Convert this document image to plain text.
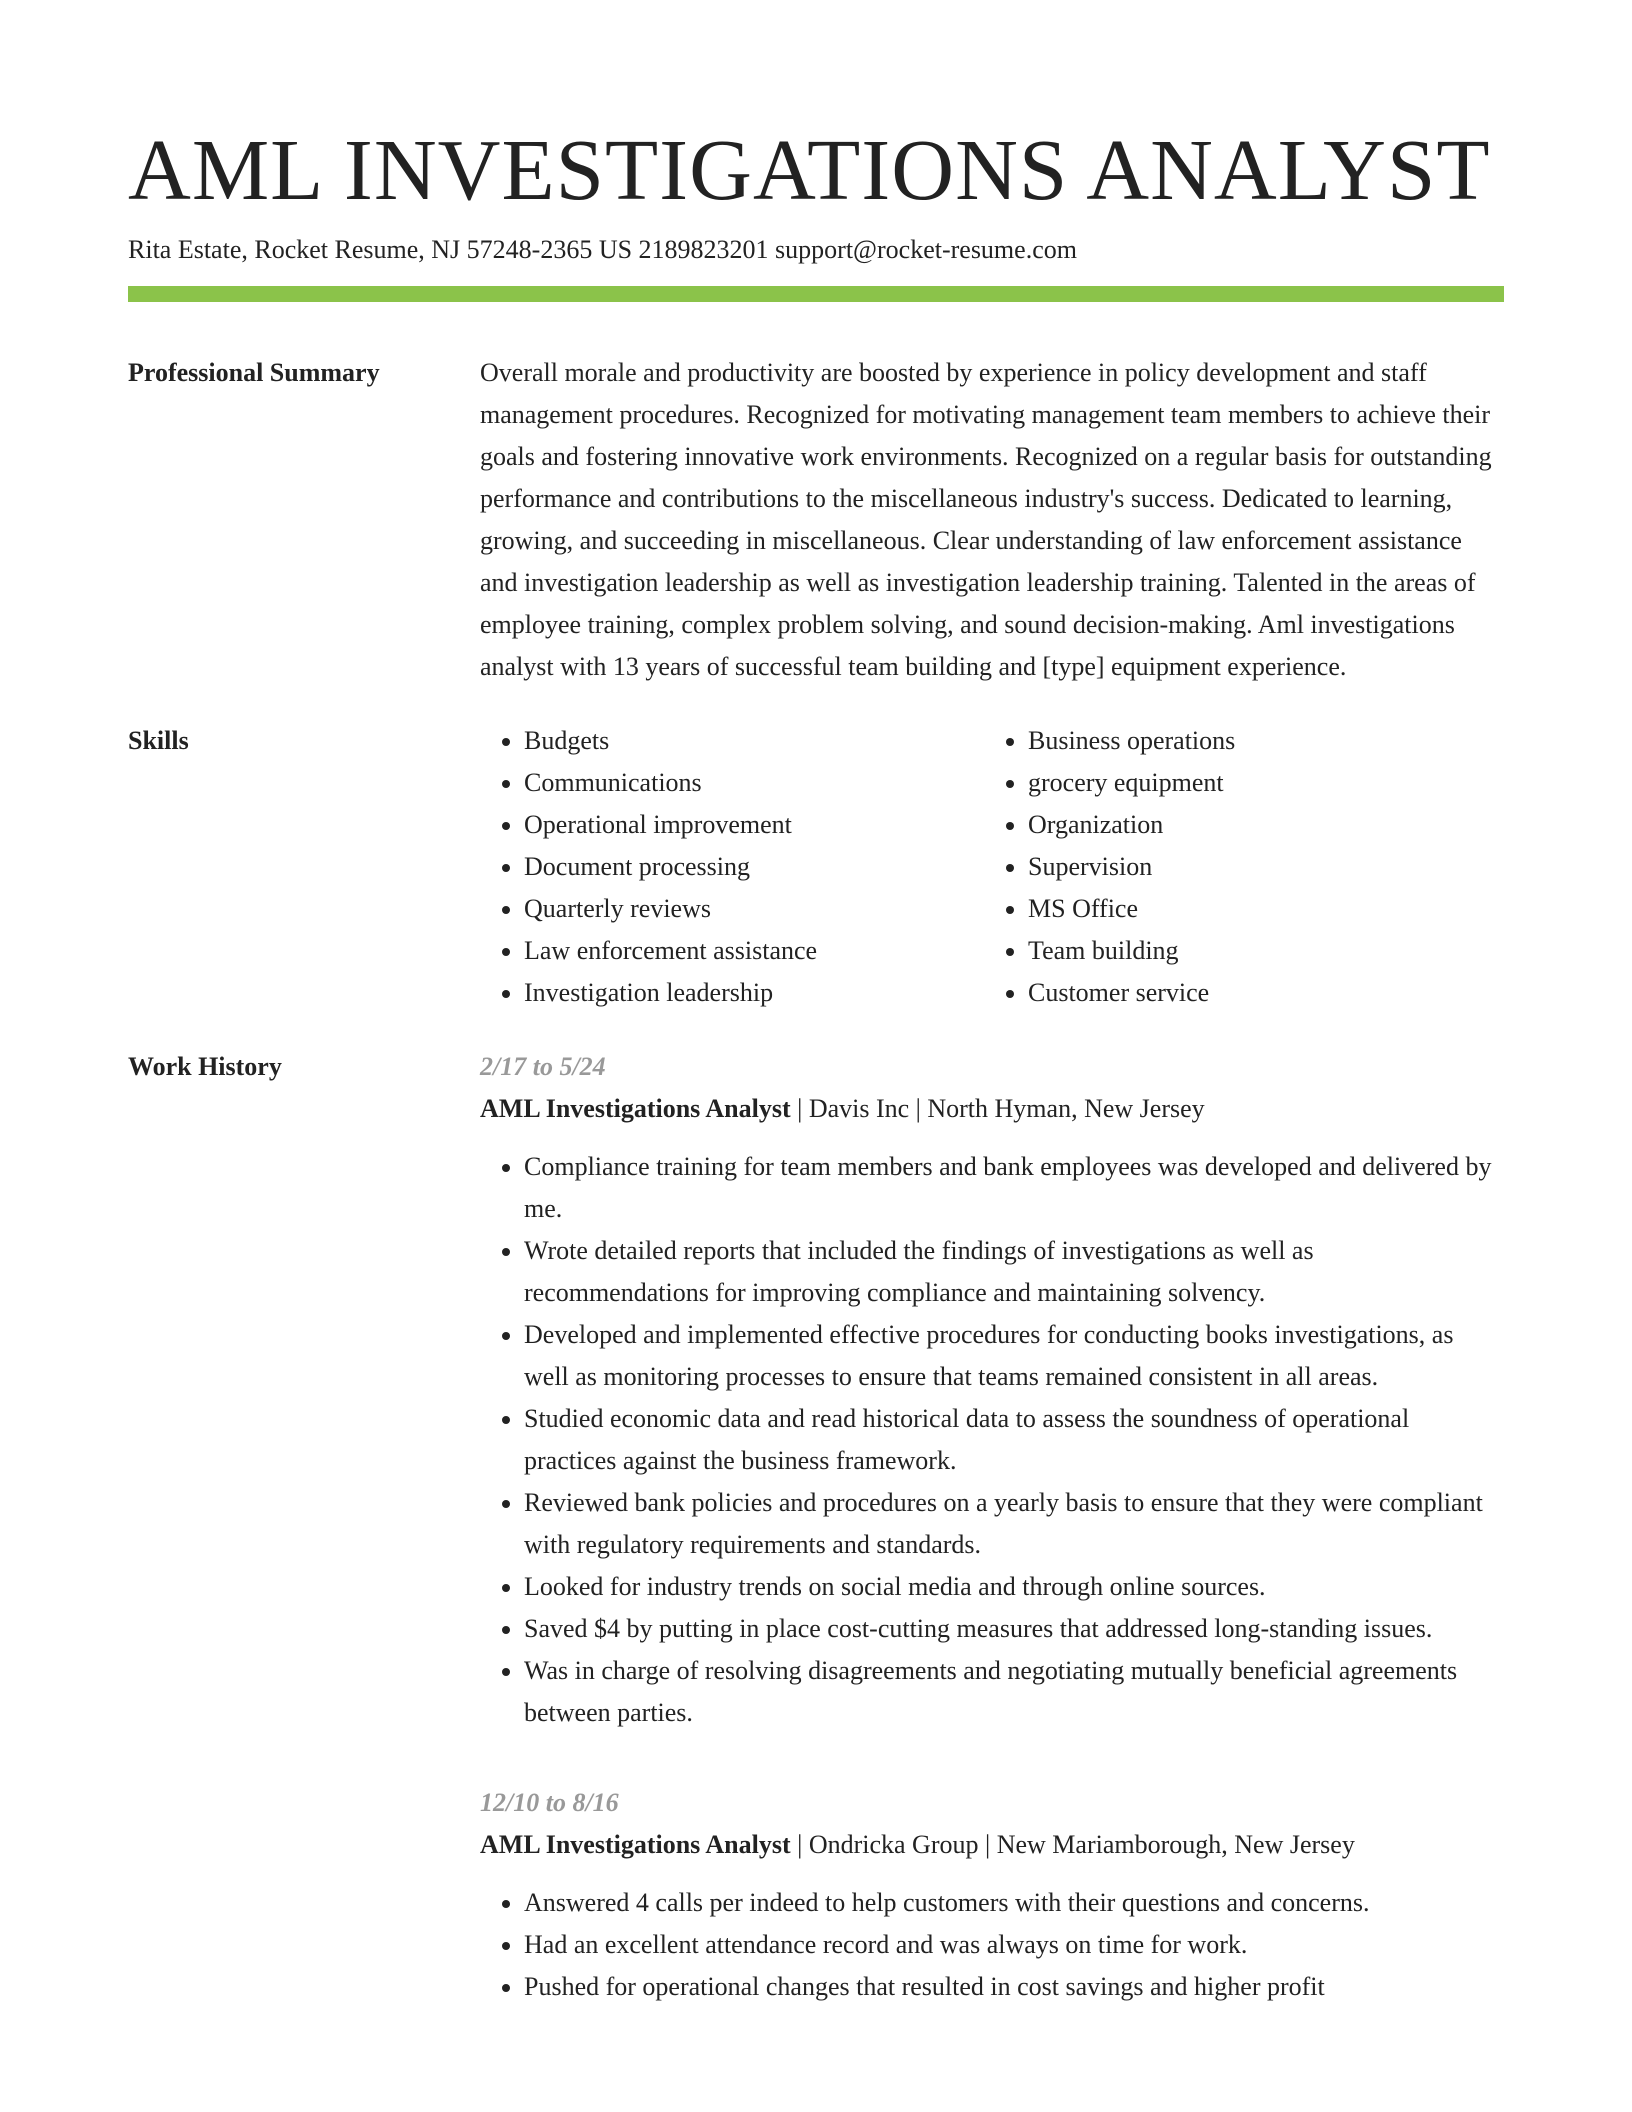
AML INVESTIGATIONS ANALYST
Rita Estate, Rocket Resume, NJ 57248-2365 US 2189823201 support@rocket-resume.com
Professional Summary	Overall morale and productivity are boosted by experience in policy development and staff management procedures. Recognized for motivating management team members to achieve their goals and fostering innovative work environments. Recognized on a regular basis for outstanding performance and contributions to the miscellaneous industry's success. Dedicated to learning, growing, and succeeding in miscellaneous. Clear understanding of law enforcement assistance and investigation leadership as well as investigation leadership training. Talented in the areas of employee training, complex problem solving, and sound decision-making. Aml investigations analyst with 13 years of successful team building and [type] equipment experience.

Skills
•	Budgets
• Communications
• Operational improvement
• Document processing
• Quarterly reviews
• Law enforcement assistance
• Investigation leadership
• Business operations
• grocery equipment
• Organization
• Supervision
• MS Office
• Team building
• Customer service
Work History	2/17 to 5/24
AML Investigations Analyst | Davis Inc | North Hyman, New Jersey
• Compliance training for team members and bank employees was developed and delivered by me.
• Wrote detailed reports that included the findings of investigations as well as recommendations for improving compliance and maintaining solvency.
• Developed and implemented effective procedures for conducting books investigations, as well as monitoring processes to ensure that teams remained consistent in all areas.
• Studied economic data and read historical data to assess the soundness of operational practices against the business framework.
• Reviewed bank policies and procedures on a yearly basis to ensure that they were compliant with regulatory requirements and standards.
• Looked for industry trends on social media and through online sources.
• Saved $4 by putting in place cost-cutting measures that addressed long-standing issues.
• Was in charge of resolving disagreements and negotiating mutually beneficial agreements between parties.
12/10 to 8/16
AML Investigations Analyst | Ondricka Group | New Mariamborough, New Jersey
• Answered 4 calls per indeed to help customers with their questions and concerns.
• Had an excellent attendance record and was always on time for work.
• Pushed for operational changes that resulted in cost savings and higher profit
